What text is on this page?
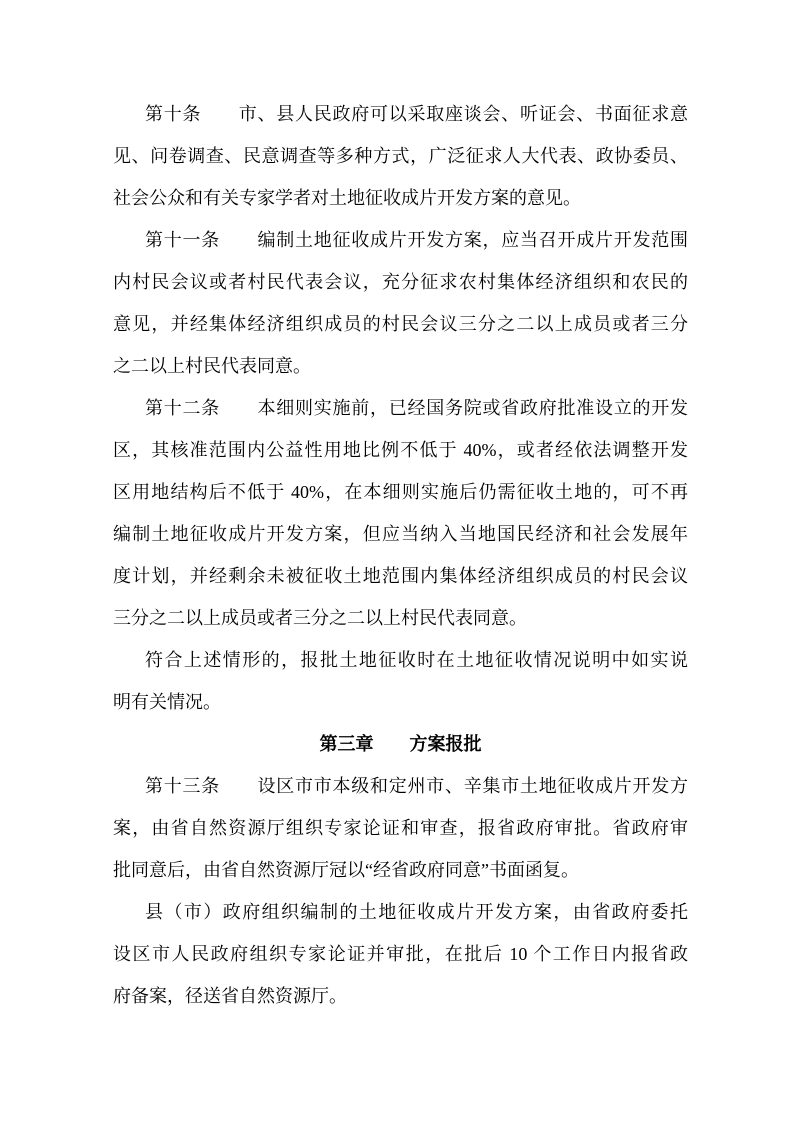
第十条　　市、县人民政府可以采取座谈会、听证会、书面征求意
见、问卷调查、民意调查等多种方式，广泛征求人大代表、政协委员、
社会公众和有关专家学者对土地征收成片开发方案的意见。
第十一条　　编制土地征收成片开发方案，应当召开成片开发范围
内村民会议或者村民代表会议，充分征求农村集体经济组织和农民的
意见，并经集体经济组织成员的村民会议三分之二以上成员或者三分
之二以上村民代表同意。
第十二条　　本细则实施前，已经国务院或省政府批准设立的开发
区，其核准范围内公益性用地比例不低于 40%，或者经依法调整开发
区用地结构后不低于 40%，在本细则实施后仍需征收土地的，可不再
编制土地征收成片开发方案，但应当纳入当地国民经济和社会发展年
度计划，并经剩余未被征收土地范围内集体经济组织成员的村民会议
三分之二以上成员或者三分之二以上村民代表同意。
符合上述情形的，报批土地征收时在土地征收情况说明中如实说
明有关情况。
第三章　　方案报批
第十三条　　设区市市本级和定州市、辛集市土地征收成片开发方
案，由省自然资源厅组织专家论证和审查，报省政府审批。省政府审
批同意后，由省自然资源厅冠以“经省政府同意”书面函复。
县（市）政府组织编制的土地征收成片开发方案，由省政府委托
设区市人民政府组织专家论证并审批，在批后 10 个工作日内报省政
府备案，径送省自然资源厅。
